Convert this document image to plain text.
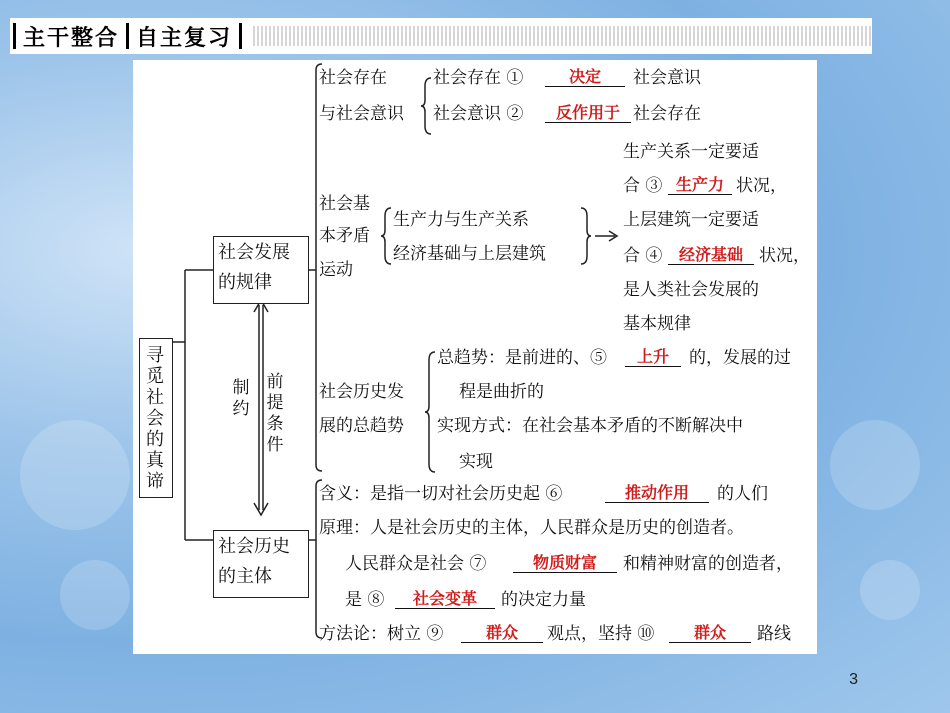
主干整合 自主复习
寻 觅 社 会 的 真 谛
社会发展
的规律
社会历史
的主体
制约
前提条件
社会存在
与社会意识
社会存在 ①	决定	社会意识
社会意识 ②	反作用于 社会存在
社会基
本矛盾
运动
生产力与生产关系
经济基础与上层建筑
生产关系一定要适
合 ③ 生产力 状况，
上层建筑一定要适
合 ④	经济基础 状况，
是人类社会发展的
基本规律
社会历史发
展的总趋势
总趋势：是前进的、⑤	上升	的，发展的过
程是曲折的
实现方式：在社会基本矛盾的不断解决中
实现
含义：是指一切对社会历史起 ⑥	推动作用	的人们
原理：人是社会历史的主体，人民群众是历史的创造者。
人民群众是社会 ⑦	物质财富	和精神财富的创造者，
是 ⑧	社会变革	的决定力量
方法论：树立 ⑨	群众	观点，坚持 ⑩	群众	路线
3
